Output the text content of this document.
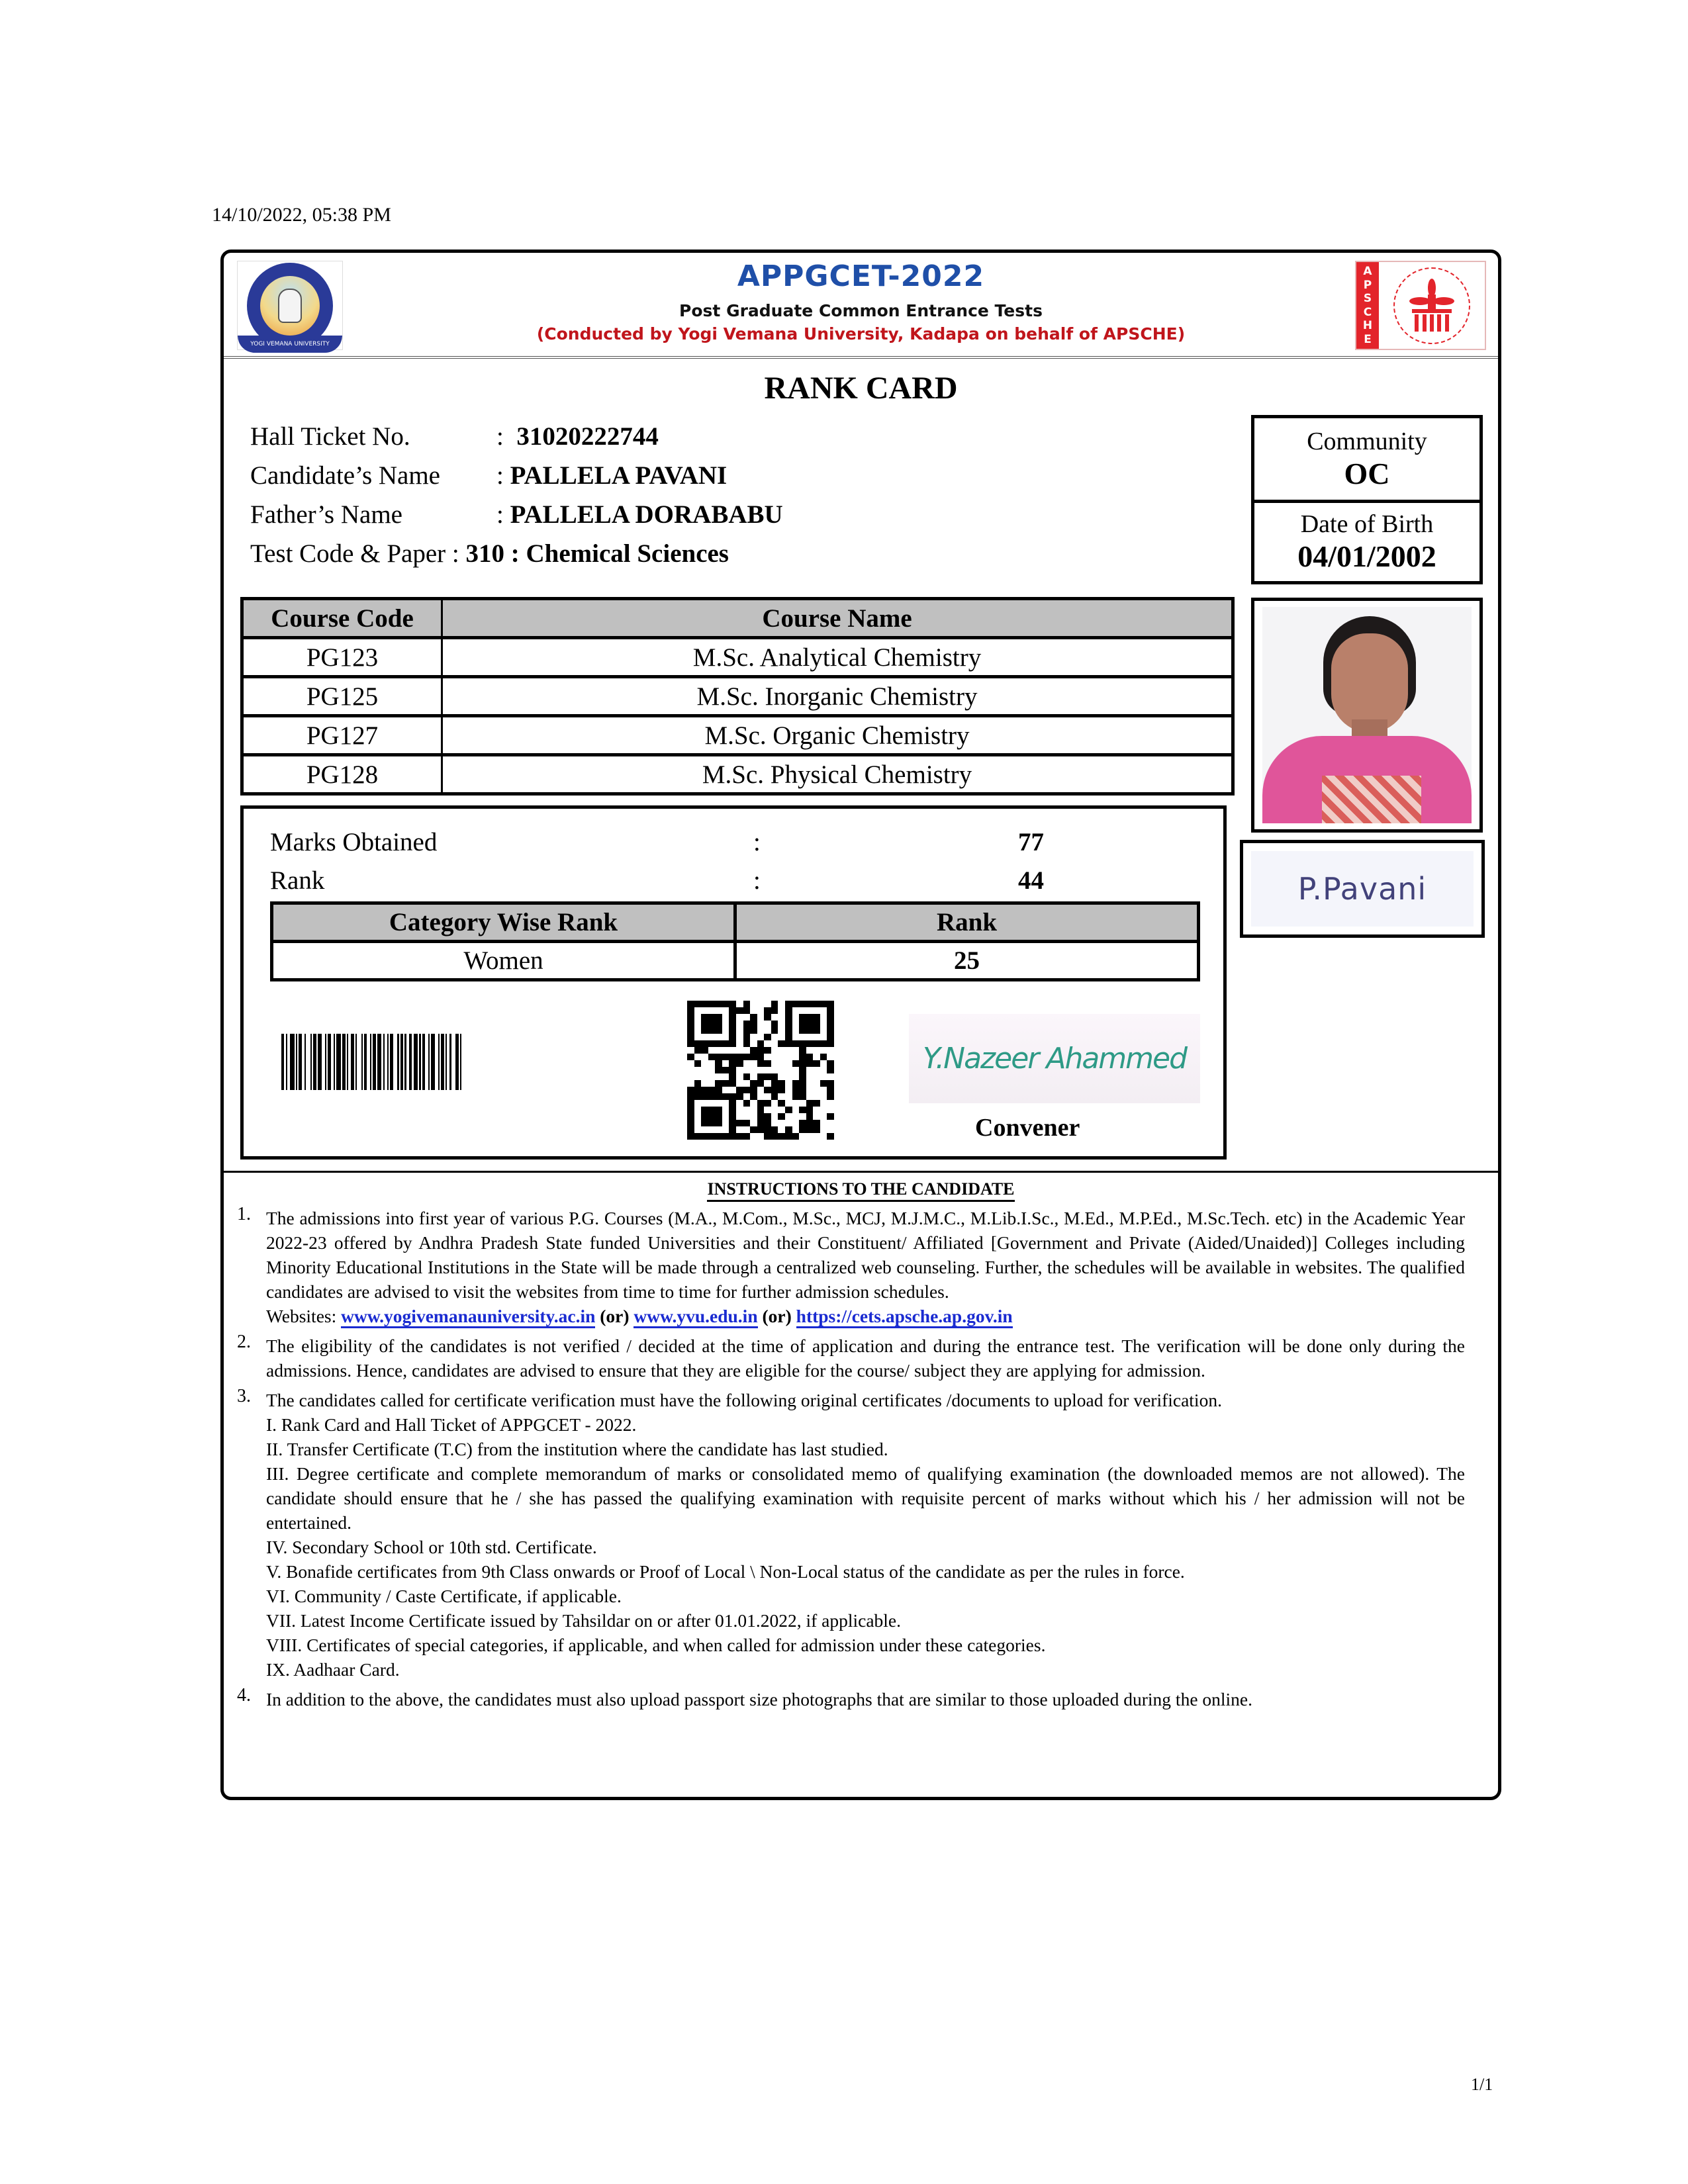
14/10/2022, 05:38 PM
YOGI VEMANA UNIVERSITY
APPGCET-2022
Post Graduate Common Entrance Tests
(Conducted by Yogi Vemana University, Kadapa on behalf of APSCHE)
A
P
S
C
H
E
RANK CARD
Hall Ticket No.	: 31020222744
Candidate’s Name : PALLELA PAVANI
Father’s Name	: PALLELA DORABABU
Test Code & Paper : 310 : Chemical Sciences
Community
OC
Date of Birth
04/01/2002
Course Code	Course Name
PG123	M.Sc. Analytical Chemistry
PG125	M.Sc. Inorganic Chemistry
PG127	M.Sc. Organic Chemistry
PG128	M.Sc. Physical Chemistry
P.Pavani
Marks Obtained	:	77
Rank	:	44
Category Wise Rank	Rank
Women	25
Y.Nazeer Ahammed
Convener
INSTRUCTIONS TO THE CANDIDATE
1. The admissions into first year of various P.G. Courses (M.A., M.Com., M.Sc., MCJ, M.J.M.C., M.Lib.I.Sc., M.Ed., M.P.Ed., M.Sc.Tech. etc) in the Academic Year 2022-23 offered by Andhra Pradesh State funded Universities and their Constituent/ Affiliated [Government and Private (Aided/Unaided)] Colleges including Minority Educational Institutions in the State will be made through a centralized web counseling. Further, the schedules will be available in websites. The qualified candidates are advised to visit the websites from time to time for further admission schedules.
Websites: www.yogivemanauniversity.ac.in (or) www.yvu.edu.in (or) https://cets.apsche.ap.gov.in
2. The eligibility of the candidates is not verified / decided at the time of application and during the entrance test. The verification will be done only during the admissions. Hence, candidates are advised to ensure that they are eligible for the course/ subject they are applying for admission.
3. The candidates called for certificate verification must have the following original certificates /documents to upload for verification.
I. Rank Card and Hall Ticket of APPGCET - 2022.
II. Transfer Certificate (T.C) from the institution where the candidate has last studied.
III. Degree certificate and complete memorandum of marks or consolidated memo of qualifying examination (the downloaded memos are not allowed). The candidate should ensure that he / she has passed the qualifying examination with requisite percent of marks without which his / her admission will not be entertained.
IV. Secondary School or 10th std. Certificate.
V. Bonafide certificates from 9th Class onwards or Proof of Local \ Non-Local status of the candidate as per the rules in force.
VI. Community / Caste Certificate, if applicable.
VII. Latest Income Certificate issued by Tahsildar on or after 01.01.2022, if applicable.
VIII. Certificates of special categories, if applicable, and when called for admission under these categories.
IX. Aadhaar Card.
4. In addition to the above, the candidates must also upload passport size photographs that are similar to those uploaded during the online.
1/1
